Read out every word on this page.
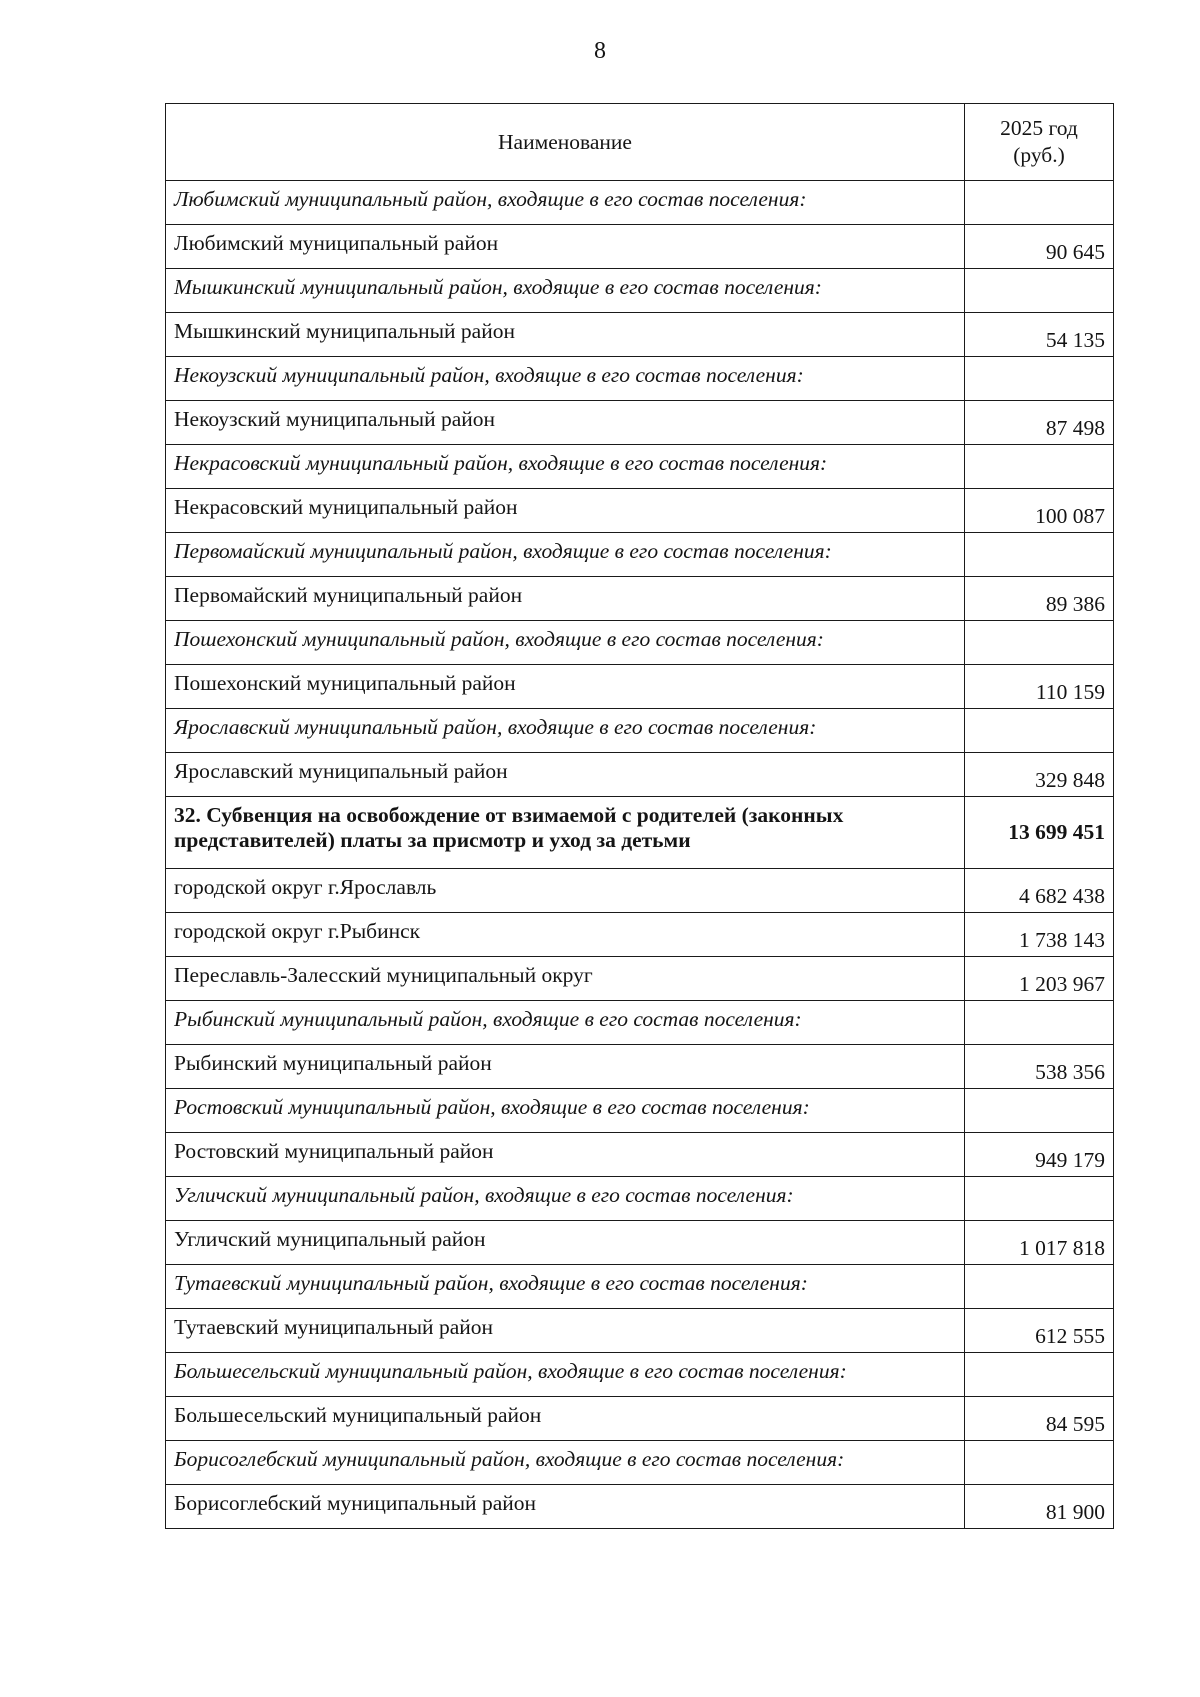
8
Наименование	2025 год
(руб.)

Любимский муниципальный район, входящие в его состав поселения:	
Любимский муниципальный район	90 645
Мышкинский муниципальный район, входящие в его состав поселения:	
Мышкинский муниципальный район	54 135
Некоузский муниципальный район, входящие в его состав поселения:	
Некоузский муниципальный район	87 498
Некрасовский муниципальный район, входящие в его состав поселения:	
Некрасовский муниципальный район	100 087
Первомайский муниципальный район, входящие в его состав поселения:	
Первомайский муниципальный район	89 386
Пошехонский муниципальный район, входящие в его состав поселения:	
Пошехонский муниципальный район	110 159
Ярославский муниципальный район, входящие в его состав поселения:	
Ярославский муниципальный район	329 848
32. Субвенция на освобождение от взимаемой с родителей (законных представителей) платы за присмотр и уход за детьми	13 699 451
городской округ г.Ярославль	4 682 438
городской округ г.Рыбинск	1 738 143
Переславль-Залесский муниципальный округ	1 203 967
Рыбинский муниципальный район, входящие в его состав поселения:	
Рыбинский муниципальный район	538 356
Ростовский муниципальный район, входящие в его состав поселения:	
Ростовский муниципальный район	949 179
Угличский муниципальный район, входящие в его состав поселения:	
Угличский муниципальный район	1 017 818
Тутаевский муниципальный район, входящие в его состав поселения:	
Тутаевский муниципальный район	612 555
Большесельский муниципальный район, входящие в его состав поселения:	
Большесельский муниципальный район	84 595
Борисоглебский муниципальный район, входящие в его состав поселения:	
Борисоглебский муниципальный район	81 900
